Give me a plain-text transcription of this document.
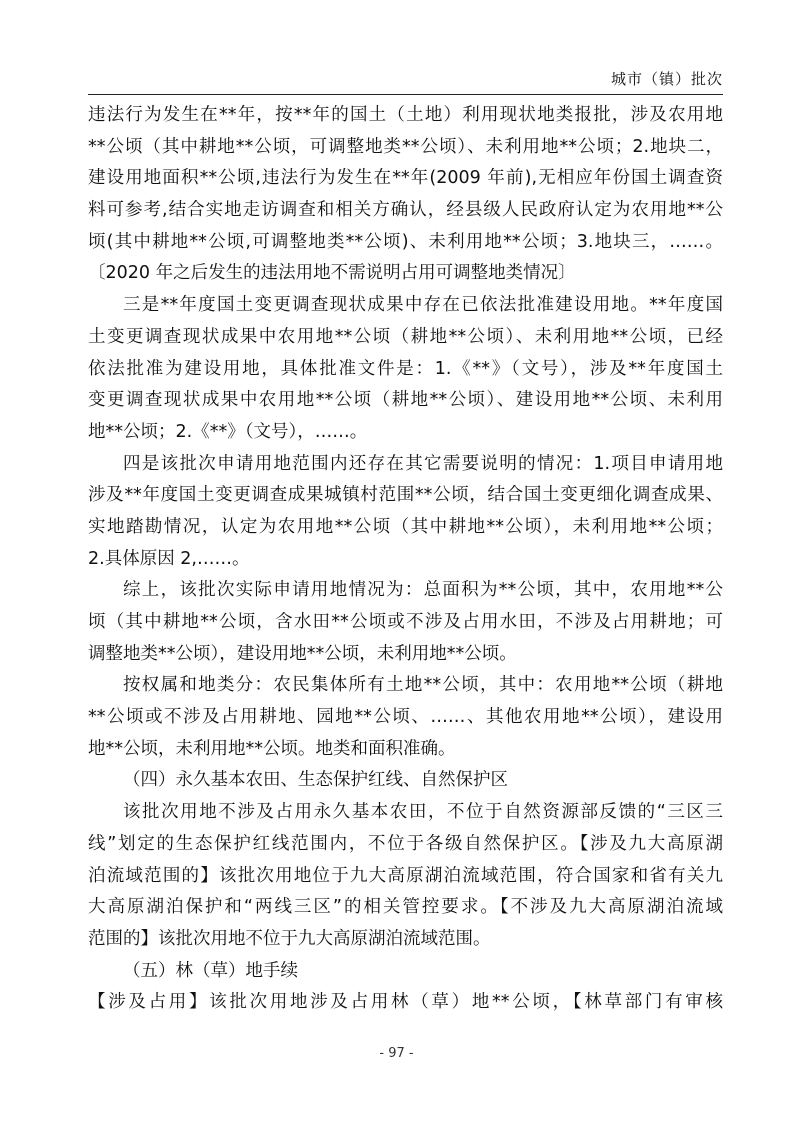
城市（镇）批次
违法行为发生在**年，按**年的国土（土地）利用现状地类报批，涉及农用地
**公顷（其中耕地**公顷，可调整地类**公顷）、未利用地**公顷；2.地块二，
建设用地面积**公顷,违法行为发生在**年(2009 年前),无相应年份国土调查资
料可参考,结合实地走访调查和相关方确认，经县级人民政府认定为农用地**公
顷(其中耕地**公顷,可调整地类**公顷)、未利用地**公顷；3.地块三，……。
〔2020 年之后发生的违法用地不需说明占用可调整地类情况〕
三是**年度国土变更调查现状成果中存在已依法批准建设用地。**年度国
土变更调查现状成果中农用地**公顷（耕地**公顷）、未利用地**公顷，已经
依法批准为建设用地，具体批准文件是：1.《**》（文号），涉及**年度国土
变更调查现状成果中农用地**公顷（耕地**公顷）、建设用地**公顷、未利用
地**公顷；2.《**》（文号），……。
四是该批次申请用地范围内还存在其它需要说明的情况：1.项目申请用地
涉及**年度国土变更调查成果城镇村范围**公顷，结合国土变更细化调查成果、
实地踏勘情况，认定为农用地**公顷（其中耕地**公顷），未利用地**公顷；
2.具体原因 2,……。
综上，该批次实际申请用地情况为：总面积为**公顷，其中，农用地**公
顷（其中耕地**公顷，含水田**公顷或不涉及占用水田，不涉及占用耕地；可
调整地类**公顷），建设用地**公顷，未利用地**公顷。
按权属和地类分：农民集体所有土地**公顷，其中：农用地**公顷（耕地
**公顷或不涉及占用耕地、园地**公顷、……、其他农用地**公顷），建设用
地**公顷，未利用地**公顷。地类和面积准确。
（四）永久基本农田、生态保护红线、自然保护区
该批次用地不涉及占用永久基本农田，不位于自然资源部反馈的“三区三
线”划定的生态保护红线范围内，不位于各级自然保护区。【涉及九大高原湖
泊流域范围的】该批次用地位于九大高原湖泊流域范围，符合国家和省有关九
大高原湖泊保护和“两线三区”的相关管控要求。【不涉及九大高原湖泊流域
范围的】该批次用地不位于九大高原湖泊流域范围。
（五）林（草）地手续
【涉及占用】该批次用地涉及占用林（草）地**公顷，【林草部门有审核
- 97 -
